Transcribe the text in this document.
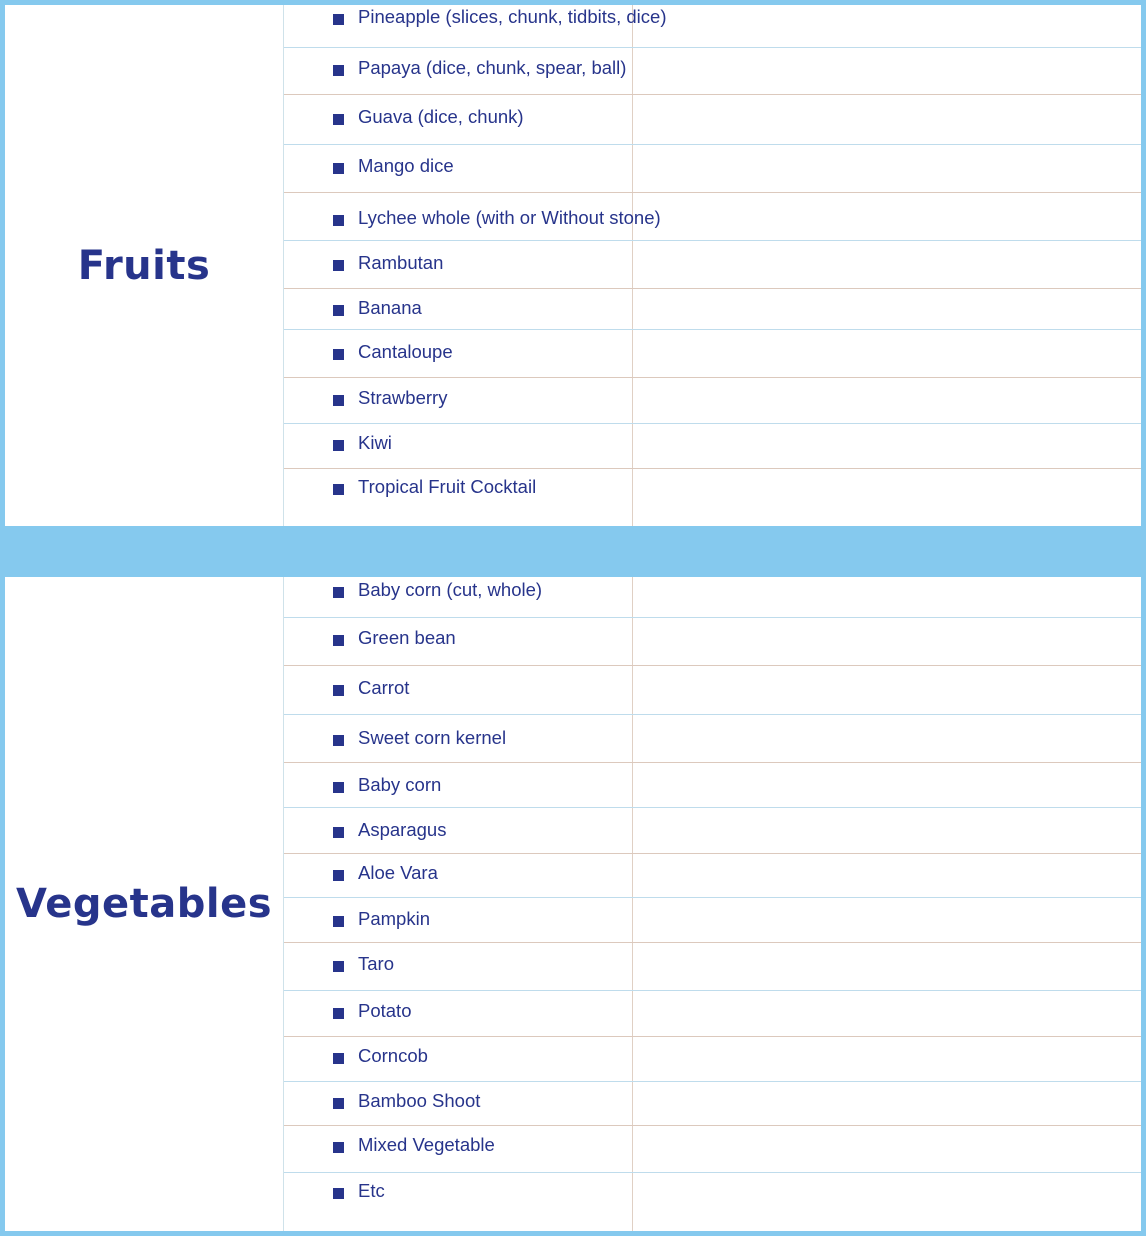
Fruits
Pineapple (slices, chunk, tidbits, dice)
Papaya (dice, chunk, spear, ball)
Guava (dice, chunk)
Mango dice
Lychee whole (with or Without stone)
Rambutan
Banana
Cantaloupe
Strawberry
Kiwi
Tropical Fruit Cocktail
Vegetables
Baby corn (cut, whole)
Green bean
Carrot
Sweet corn kernel
Baby corn
Asparagus
Aloe Vara
Pampkin
Taro
Potato
Corncob
Bamboo Shoot
Mixed Vegetable
Etc
